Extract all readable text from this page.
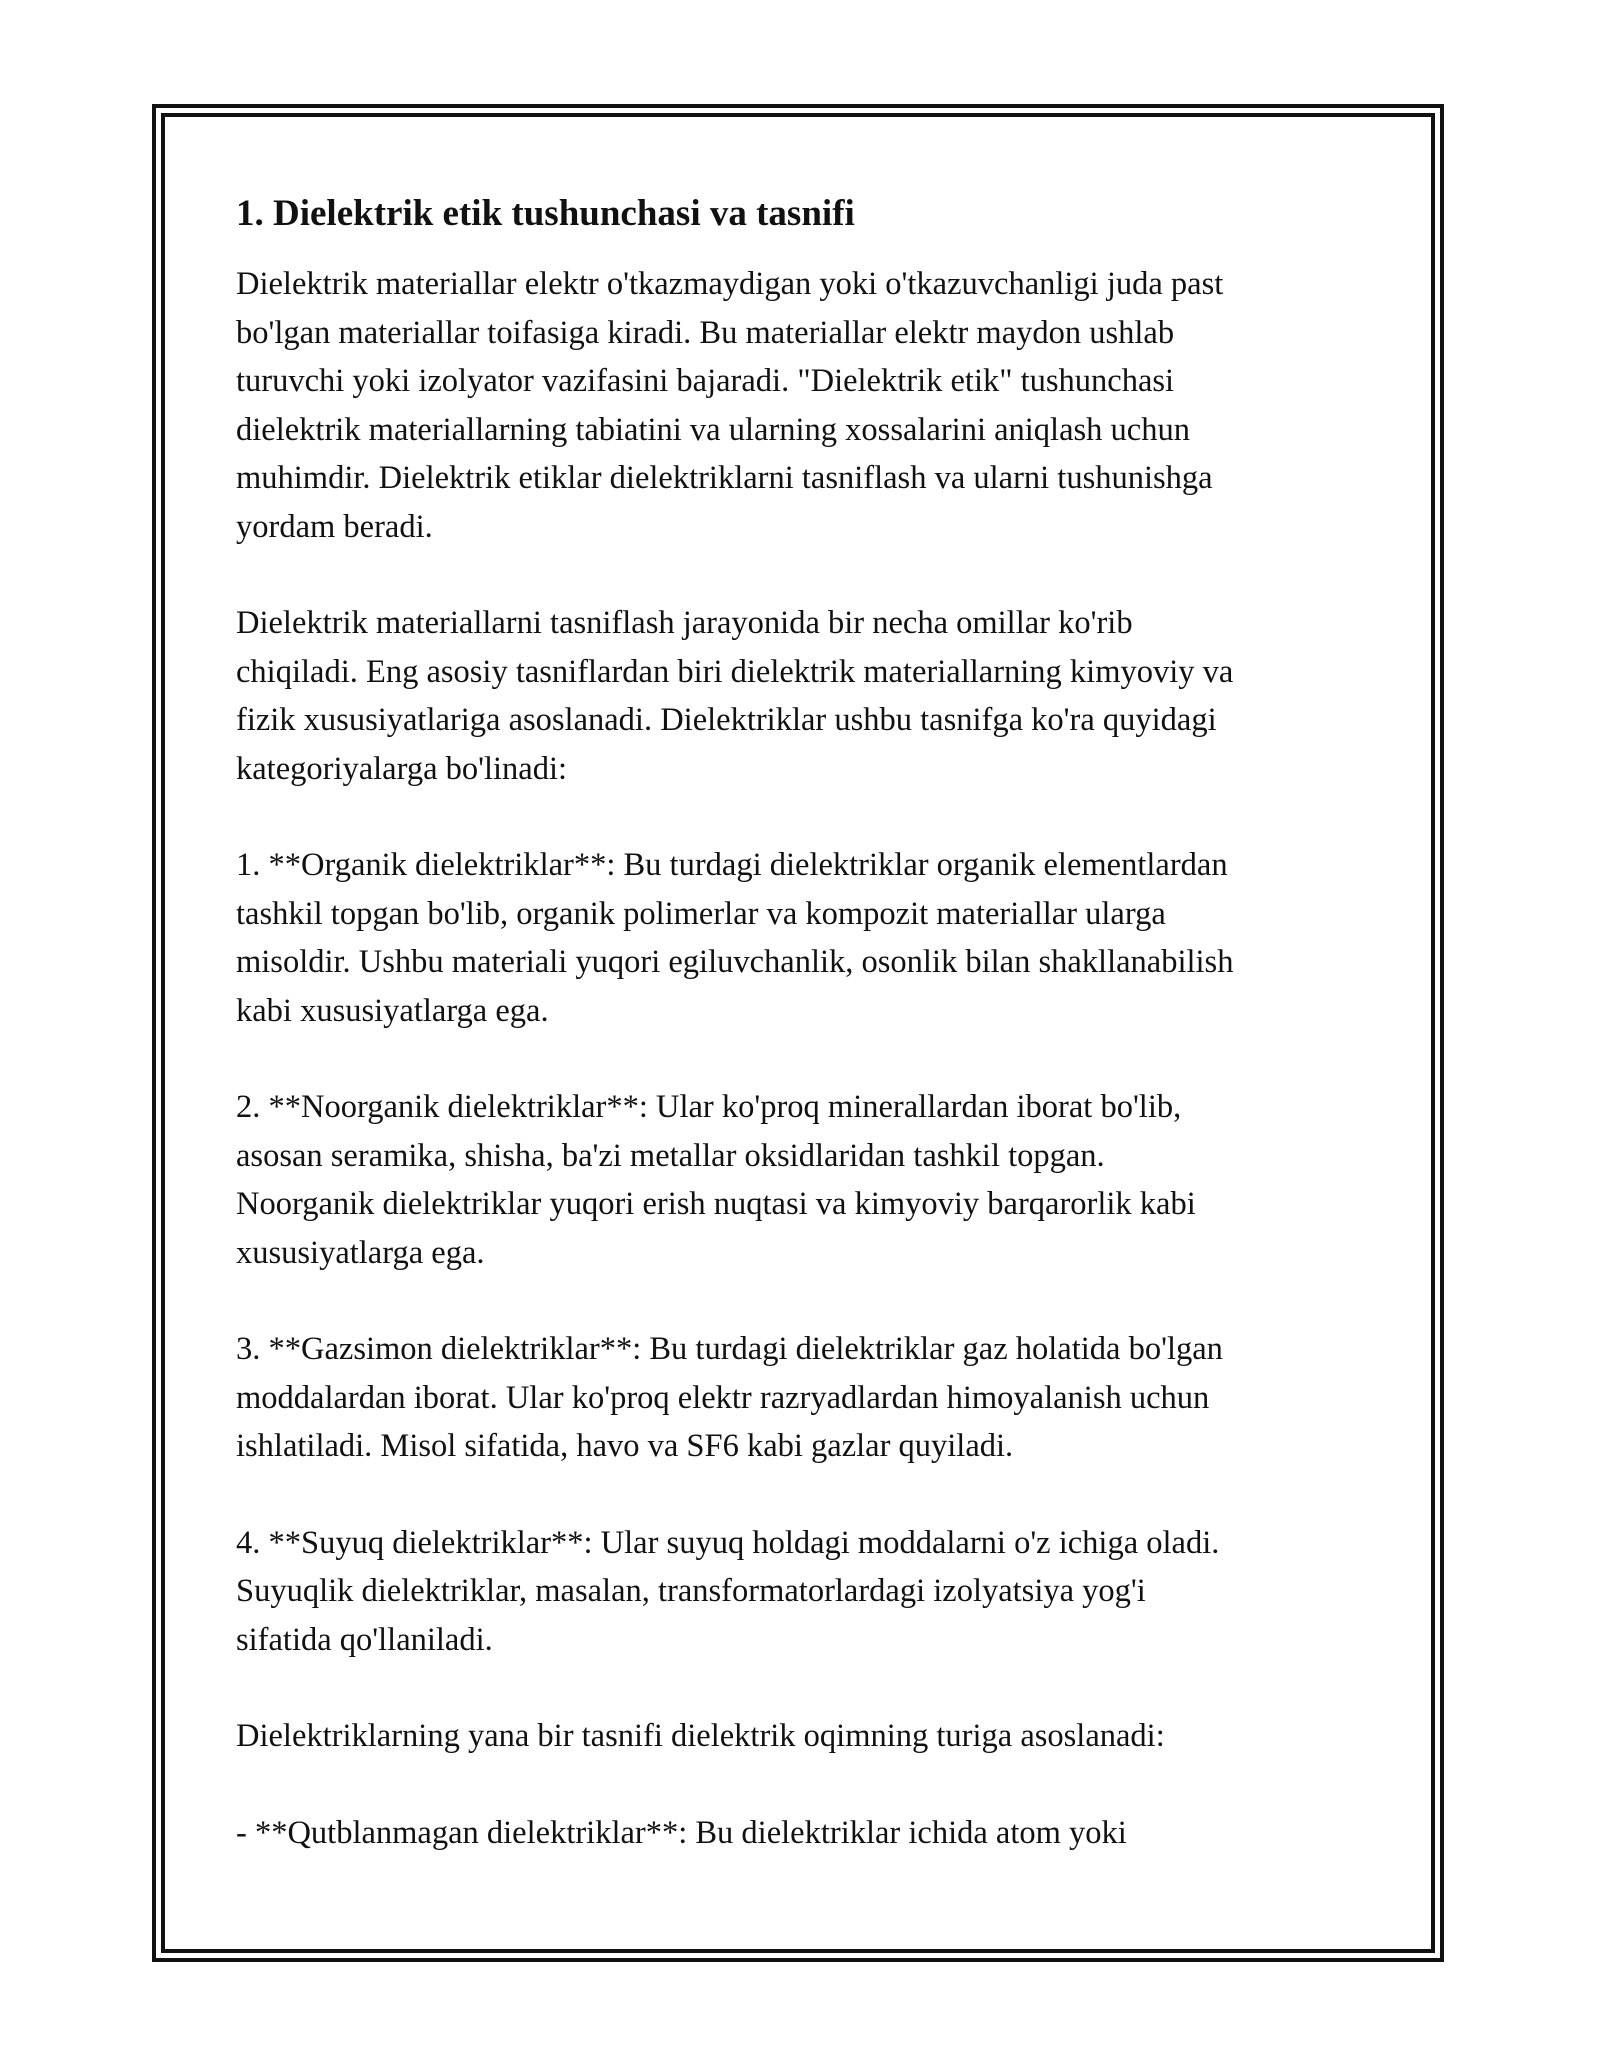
1. Dielektrik etik tushunchasi va tasnifi

Dielektrik materiallar elektr o'tkazmaydigan yoki o'tkazuvchanligi juda past
bo'lgan materiallar toifasiga kiradi. Bu materiallar elektr maydon ushlab
turuvchi yoki izolyator vazifasini bajaradi. "Dielektrik etik" tushunchasi
dielektrik materiallarning tabiatini va ularning xossalarini aniqlash uchun
muhimdir. Dielektrik etiklar dielektriklarni tasniflash va ularni tushunishga
yordam beradi.

Dielektrik materiallarni tasniflash jarayonida bir necha omillar ko'rib
chiqiladi. Eng asosiy tasniflardan biri dielektrik materiallarning kimyoviy va
fizik xususiyatlariga asoslanadi. Dielektriklar ushbu tasnifga ko'ra quyidagi
kategoriyalarga bo'linadi:

1. **Organik dielektriklar**: Bu turdagi dielektriklar organik elementlardan
tashkil topgan bo'lib, organik polimerlar va kompozit materiallar ularga
misoldir. Ushbu materiali yuqori egiluvchanlik, osonlik bilan shakllanabilish
kabi xususiyatlarga ega.

2. **Noorganik dielektriklar**: Ular ko'proq minerallardan iborat bo'lib,
asosan seramika, shisha, ba'zi metallar oksidlaridan tashkil topgan.
Noorganik dielektriklar yuqori erish nuqtasi va kimyoviy barqarorlik kabi
xususiyatlarga ega.

3. **Gazsimon dielektriklar**: Bu turdagi dielektriklar gaz holatida bo'lgan
moddalardan iborat. Ular ko'proq elektr razryadlardan himoyalanish uchun
ishlatiladi. Misol sifatida, havo va SF6 kabi gazlar quyiladi.

4. **Suyuq dielektriklar**: Ular suyuq holdagi moddalarni o'z ichiga oladi.
Suyuqlik dielektriklar, masalan, transformatorlardagi izolyatsiya yog'i
sifatida qo'llaniladi.

Dielektriklarning yana bir tasnifi dielektrik oqimning turiga asoslanadi:

- **Qutblanmagan dielektriklar**: Bu dielektriklar ichida atom yoki
